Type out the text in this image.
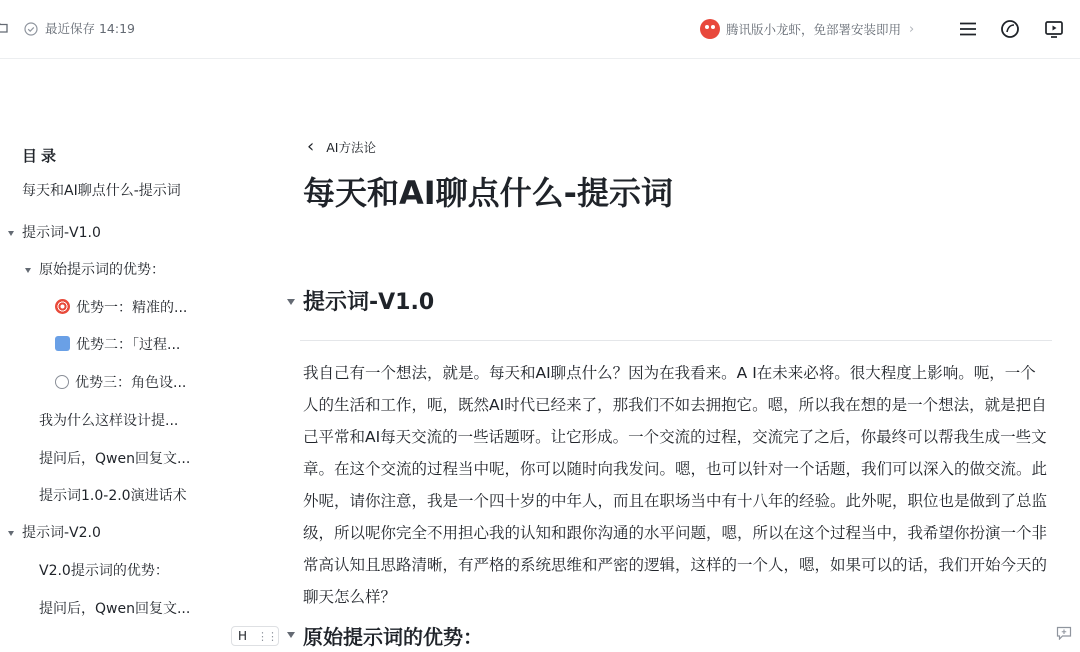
最近保存 14:19	腾讯版小龙虾，免部署安装即用 ›
目录
每天和AI聊点什么-提示词
提示词-V1.0
原始提示词的优势：
优势一：精准的...
优势二：「过程...
优势三：角色设...
我为什么这样设计提...
提问后，Qwen回复文...
提示词1.0-2.0演进话术
提示词-V2.0
V2.0提示词的优势：
提问后，Qwen回复文...
‹ AI方法论
每天和AI聊点什么-提示词
提示词-V1.0

我自己有一个想法，就是。每天和AI聊点什么？因为在我看来。A I在未来必将。很大程度上影响。呃，一个人的生活和工作，呃，既然AI时代已经来了，那我们不如去拥抱它。嗯，所以我在想的是一个想法，就是把自己平常和AI每天交流的一些话题呀。让它形成。一个交流的过程，交流完了之后，你最终可以帮我生成一些文章。在这个交流的过程当中呢，你可以随时向我发问。嗯，也可以针对一个话题，我们可以深入的做交流。此外呢，请你注意，我是一个四十岁的中年人，而且在职场当中有十八年的经验。此外呢，职位也是做到了总监级，所以呢你完全不用担心我的认知和跟你沟通的水平问题，嗯，所以在这个过程当中，我希望你扮演一个非常高认知且思路清晰，有严格的系统思维和严密的逻辑，这样的一个人，嗯，如果可以的话，我们开始今天的聊天怎么样？

H ⋮⋮ 原始提示词的优势：
